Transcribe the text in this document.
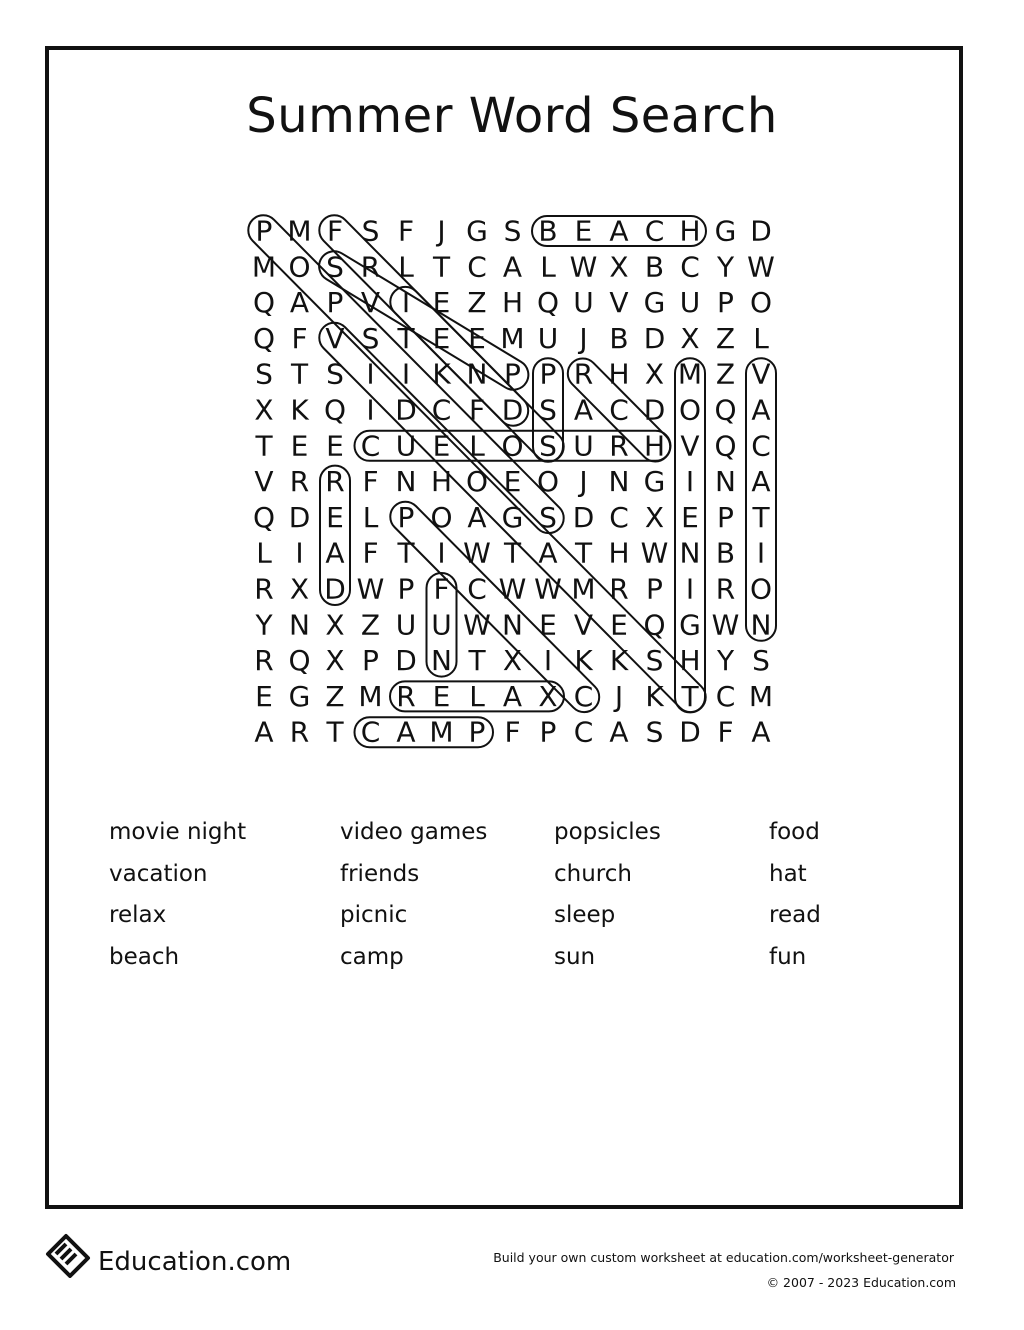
Summer Word Search
P M F S F J G S B E A C H G D
M O S R L T C A L W X B C Y W
Q A P V I E Z H Q U V G U P O
Q F V S T E E M U J B D X Z L
S T S I I K N P P R H X M Z V
X K Q I D C F D S A C D O Q A
T E E C U E L O S U R H V Q C
V R R F N H O E O J N G I N A
Q D E L P O A G S D C X E P T
L I A F T I W T A T H W N B I
R X D W P F C W W M R P I R O
Y N X Z U U W N E V E Q G W N
R Q X P D N T X I K K S H Y S
E G Z M R E L A X C J K T C M
A R T C A M P F P C A S D F A
movie night
vacation
relax
beach
video games
friends
picnic
camp
popsicles
church
sleep
sun
food
hat
read
fun
Education.com	Build your own custom worksheet at education.com/worksheet-generator
© 2007 - 2023 Education.com
